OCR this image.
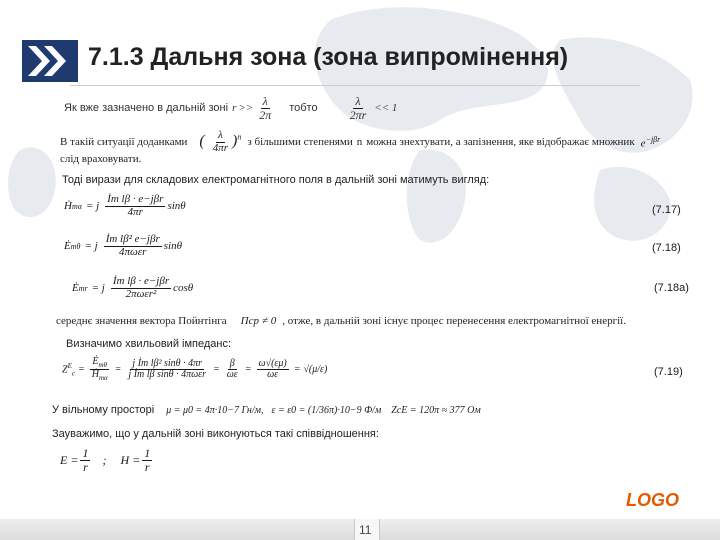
7.1.3 Дальня зона (зона випромінення)
Як вже зазначено в дальній зоні $r >> \frac{\lambda}{2\pi}$ тобто	$\frac{\lambda}{2\pi r} << 1$
В такій ситуації доданками ( $\frac{\lambda}{4\pi r} )^n$ з більшими степенями n можна знехтувати, а запізнення, яке відображає множник $e^{-j\beta r}$
слід враховувати.
Тоді вирази для складових електромагнітного поля в дальній зоні матимуть вигляд:
Ḣ mα = j $\frac{\text{İm lβ · e−jβr}}{4\pi r}$ sinθ	(7.17)
Ė mθ = j $\frac{\text{İm lβ² e−jβr}}{\text{4πωεr}}$ sinθ	(7.18)
Ė mr = j $\frac{\text{İm lβ · e−jβr}}{\text{2πωεr²}}$ cosθ	(7.18а)
середнє значення вектора Пойнтінга Пср ≠ 0 , отже, в дальній зоні існує процес перенесення електромагнітної енергії.
Визначимо хвильовий імпеданс:
$Z^E_c = \frac{Ė_{m\theta}}{Ḣ_{m\alpha}} = \frac{\text{j İm lβ² sinθ · 4πr}}{\text{j İm lβ sinθ · 4πωεr}} = \frac{\beta}{\omega\varepsilon} = \frac{\omega√(\varepsilon\mu)}{\omega\varepsilon} = √(\mu/\varepsilon)$	(7.19)
У вільному просторі μ = μ0 = 4π·10−7 Гн/м, ε = ε0 = (1/36π)·10−9 Ф/м ZcЕ = 120π ≈ 377 Ом
Зауважимо, що у дальній зоні виконуються такі співвідношення:
$E = \frac{1}{r}$ ; $H = \frac{1}{r}$
LOGO
11
